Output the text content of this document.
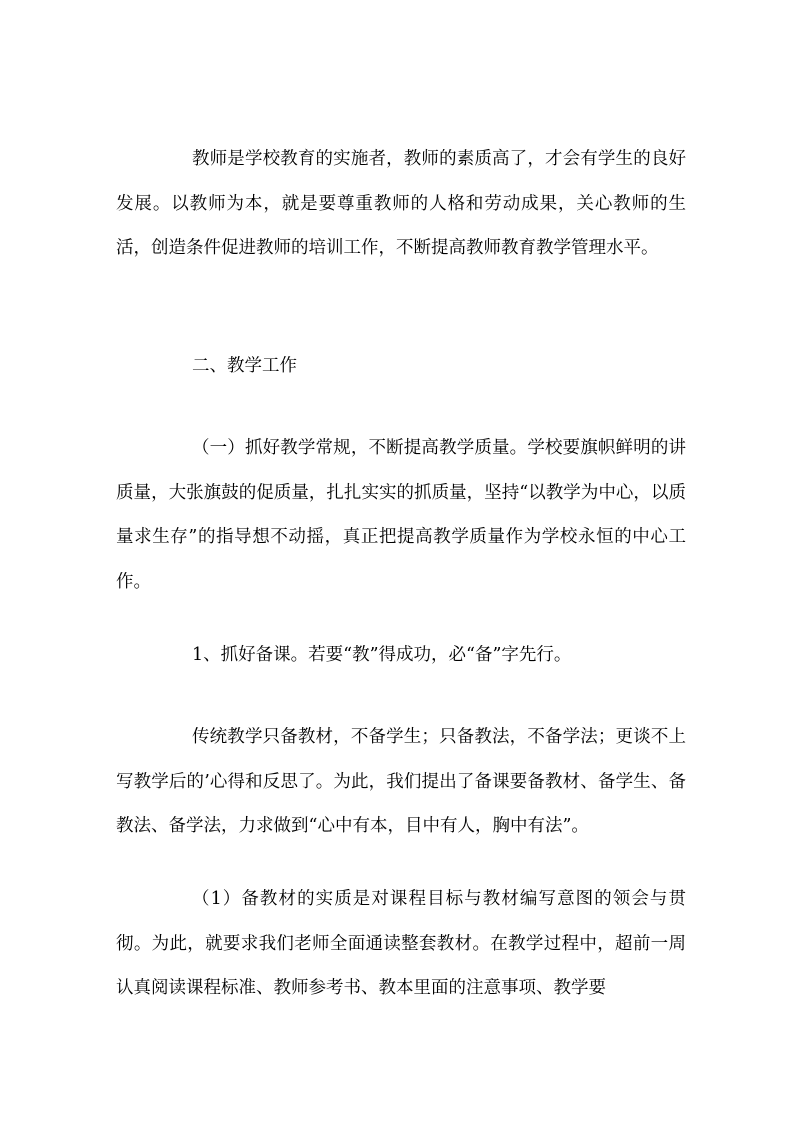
教师是学校教育的实施者，教师的素质高了，才会有学生的良好发展。以教师为本，就是要尊重教师的人格和劳动成果，关心教师的生活，创造条件促进教师的培训工作，不断提高教师教育教学管理水平。

二、教学工作

（一）抓好教学常规，不断提高教学质量。学校要旗帜鲜明的讲质量，大张旗鼓的促质量，扎扎实实的抓质量，坚持“以教学为中心，以质量求生存”的指导想不动摇，真正把提高教学质量作为学校永恒的中心工作。

1、抓好备课。若要“教”得成功，必“备”字先行。

传统教学只备教材，不备学生；只备教法，不备学法；更谈不上写教学后的’心得和反思了。为此，我们提出了备课要备教材、备学生、备教法、备学法，力求做到“心中有本，目中有人，胸中有法”。

（1）备教材的实质是对课程目标与教材编写意图的领会与贯彻。为此，就要求我们老师全面通读整套教材。在教学过程中，超前一周认真阅读课程标准、教师参考书、教本里面的注意事项、教学要
